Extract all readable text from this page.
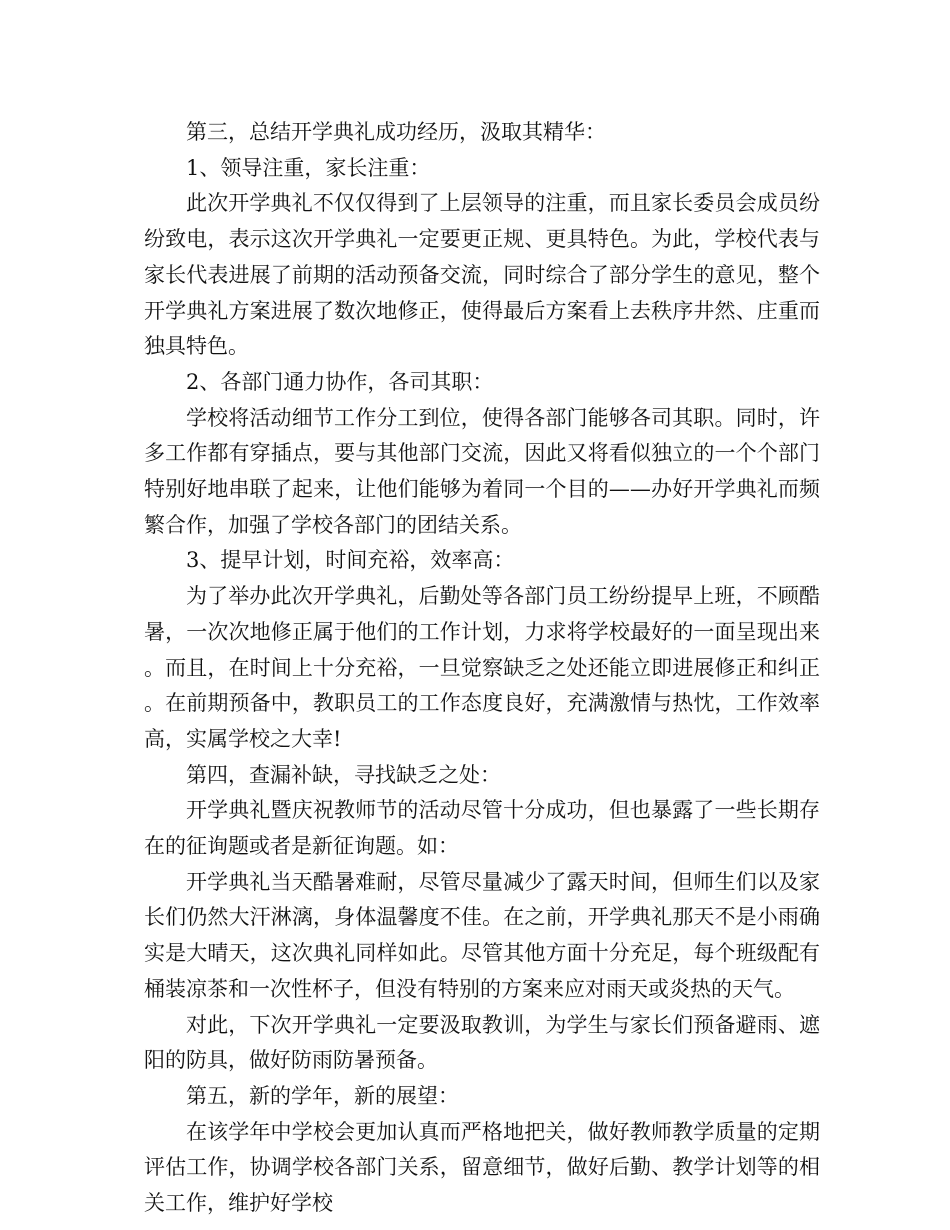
第三，总结开学典礼成功经历，汲取其精华：

1、领导注重，家长注重：

此次开学典礼不仅仅得到了上层领导的注重，而且家长委员会成员纷纷致电，表示这次开学典礼一定要更正规、更具特色。为此，学校代表与家长代表进展了前期的活动预备交流，同时综合了部分学生的意见，整个开学典礼方案进展了数次地修正，使得最后方案看上去秩序井然、庄重而独具特色。

2、各部门通力协作，各司其职：

学校将活动细节工作分工到位，使得各部门能够各司其职。同时，许多工作都有穿插点，要与其他部门交流，因此又将看似独立的一个个部门特别好地串联了起来，让他们能够为着同一个目的——办好开学典礼而频繁合作，加强了学校各部门的团结关系。

3、提早计划，时间充裕，效率高：

为了举办此次开学典礼，后勤处等各部门员工纷纷提早上班，不顾酷暑，一次次地修正属于他们的工作计划，力求将学校最好的一面呈现出来。而且，在时间上十分充裕，一旦觉察缺乏之处还能立即进展修正和纠正。在前期预备中，教职员工的工作态度良好，充满激情与热忱，工作效率高，实属学校之大幸!

第四，查漏补缺，寻找缺乏之处：

开学典礼暨庆祝教师节的活动尽管十分成功，但也暴露了一些长期存在的征询题或者是新征询题。如：

开学典礼当天酷暑难耐，尽管尽量减少了露天时间，但师生们以及家长们仍然大汗淋漓，身体温馨度不佳。在之前，开学典礼那天不是小雨确实是大晴天，这次典礼同样如此。尽管其他方面十分充足，每个班级配有桶装凉茶和一次性杯子，但没有特别的方案来应对雨天或炎热的天气。

对此，下次开学典礼一定要汲取教训，为学生与家长们预备避雨、遮阳的防具，做好防雨防暑预备。

第五，新的学年，新的展望：

在该学年中学校会更加认真而严格地把关，做好教师教学质量的定期评估工作，协调学校各部门关系，留意细节，做好后勤、教学计划等的相关工作，维护好学校
